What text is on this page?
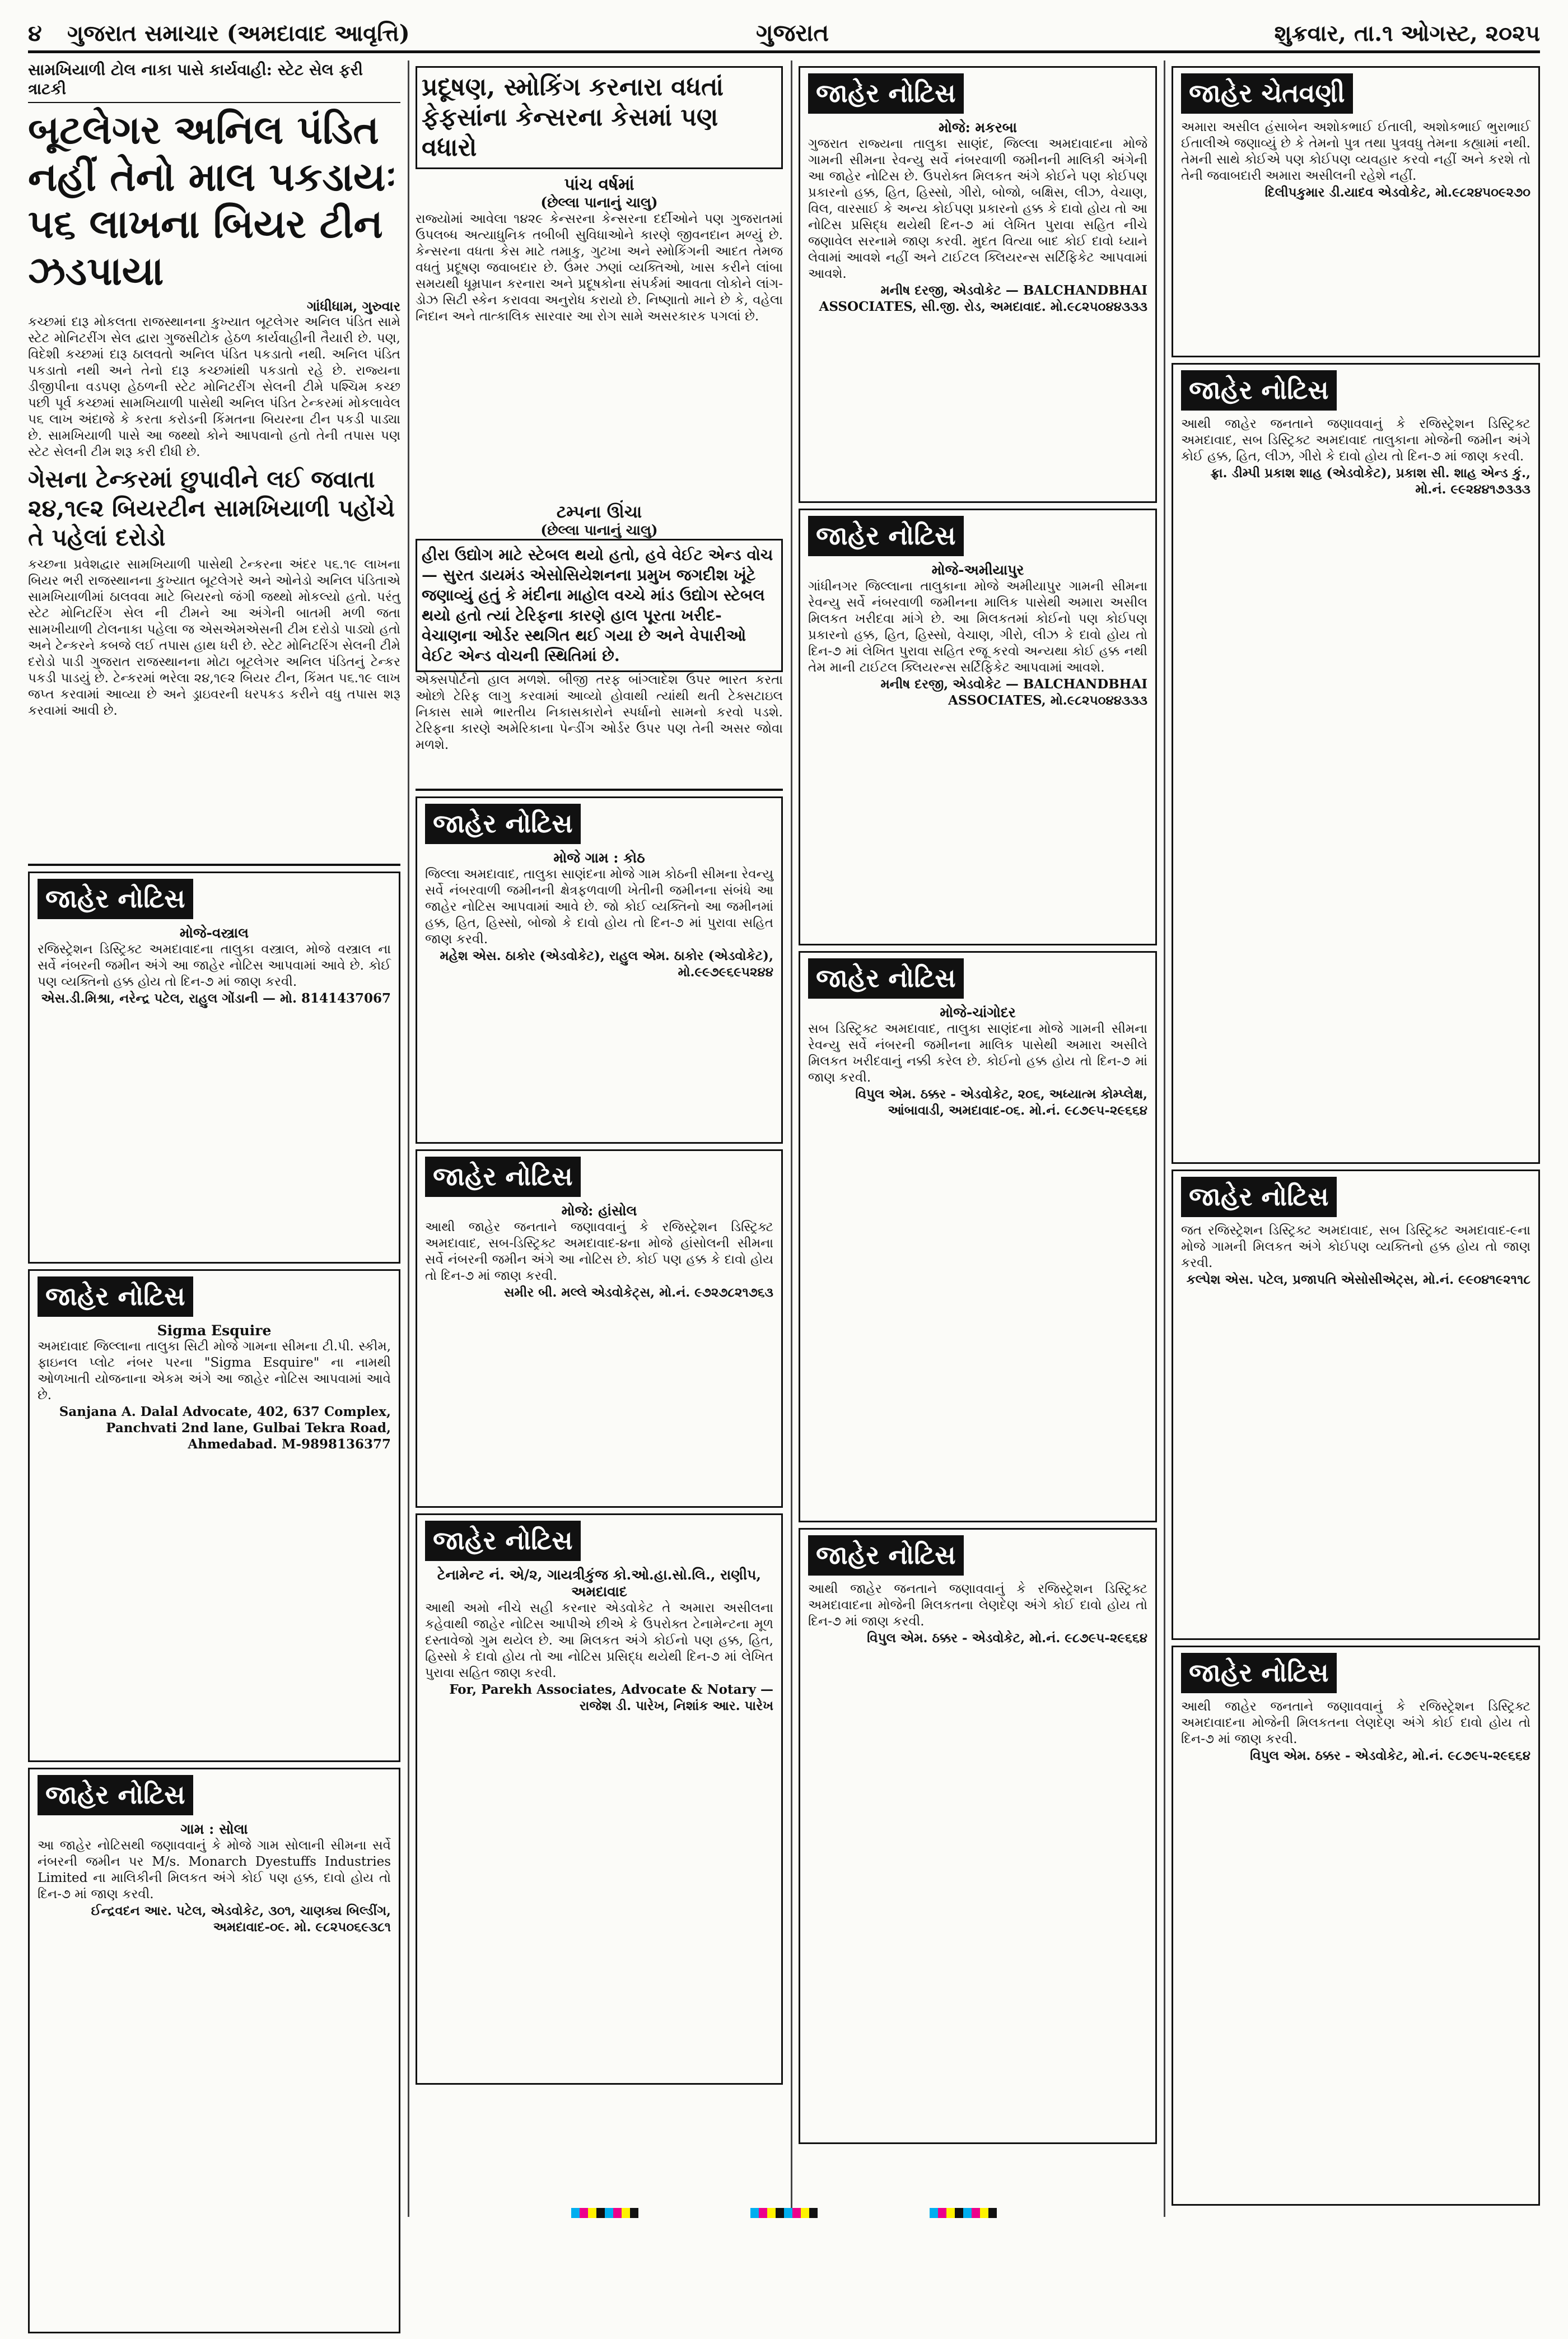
૪	ગુજરાત સમાચાર (અમદાવાદ આવૃત્તિ)	ગુજરાત	શુક્રવાર, તા.૧ ઓગસ્ટ, ૨૦૨૫
સામખિયાળી ટોલ નાકા પાસે કાર્યવાહી: સ્ટેટ સેલ ફરી ત્રાટકી
બૂટલેગર અનિલ પંડિત નહીં તેનો માલ પકડાયઃ ૫૬ લાખના બિયર ટીન ઝડપાયા
ગાંધીધામ, ગુરુવાર
કચ્છમાં દારૂ મોકલતા રાજસ્થાનના કુખ્યાત બૂટલેગર અનિલ પંડિત સામે સ્ટેટ મોનિટરીંગ સેલ દ્વારા ગુજસીટોક હેઠળ કાર્યવાહીની તૈયારી છે. પણ, વિદેશી કચ્છમાં દારૂ ઠાલવતો અનિલ પંડિત પકડાતો નથી. અનિલ પંડિત પકડાતો નથી અને તેનો દારૂ કચ્છમાંથી પકડાતો રહે છે. રાજ્યના ડીજીપીના વડપણ હેઠળની સ્ટેટ મોનિટરીંગ સેલની ટીમે પશ્ચિમ કચ્છ પછી પૂર્વ કચ્છમાં સામખિયાળી પાસેથી અનિલ પંડિત ટેન્કરમાં મોકલાવેલ ૫૬ લાખ અંદાજે કે કરતા કરોડની કિંમતના બિયરના ટીન પકડી પાડ્યા છે. સામખિયાળી પાસે આ જથ્થો કોને આપવાનો હતો તેની તપાસ પણ સ્ટેટ સેલની ટીમ શરૂ કરી દીધી છે.
ગેસના ટેન્કરમાં છુપાવીને લઈ જવાતા ૨૪,૧૯૨ બિયરટીન સામખિયાળી પહોંચે તે પહેલાં દરોડો
કચ્છના પ્રવેશદ્વાર સામખિયાળી પાસેથી ટેન્કરના અંદર ૫૬.૧૯ લાખના બિયર ભરી રાજસ્થાનના કુખ્યાત બૂટલેગરે અને ઓનેડો અનિલ પંડિતાએ સામખિયાળીમાં ઠાલવવા માટે બિયરનો જંગી જથ્થો મોકલ્યો હતો. પરંતુ સ્ટેટ મોનિટરિંગ સેલ ની ટીમને આ અંગેની બાતમી મળી જતા સામખીયાળી ટોલનાકા પહેલા જ એસએમએસની ટીમ દરોડો પાડ્યો હતો અને ટેન્કરને કબજે લઈ તપાસ હાથ ધરી છે. સ્ટેટ મોનિટરિંગ સેલની ટીમે દરોડો પાડી ગુજરાત રાજસ્થાનના મોટા બૂટલેગર અનિલ પંડિતનું ટેન્કર પકડી પાડયું છે. ટેન્કરમાં ભરેલા ૨૪,૧૯૨ બિયર ટીન, કિંમત ૫૬.૧૯ લાખ જપ્ત કરવામાં આવ્યા છે અને ડ્રાઇવરની ધરપકડ કરીને વધુ તપાસ શરૂ કરવામાં આવી છે.
જાહેર નોટિસ
મોજે-વસ્ત્રાલ
રજિસ્ટ્રેશન ડિસ્ટ્રિક્ટ અમદાવાદના તાલુકા વસ્ત્રાલ, મોજે વસ્ત્રાલ ના સર્વે નંબરની જમીન અંગે આ જાહેર નોટિસ આપવામાં આવે છે. કોઈ પણ વ્યક્તિનો હક્ક હોય તો દિન-૭ માં જાણ કરવી.
એસ.ડી.મિશ્રા, નરેન્દ્ર પટેલ, રાહુલ ગોંડાની — મો. 8141437067
જાહેર નોટિસ
Sigma Esquire
અમદાવાદ જિલ્લાના તાલુકા સિટી મોજે ગામના સીમના ટી.પી. સ્કીમ, ફાઇનલ પ્લોટ નંબર પરના "Sigma Esquire" ના નામથી ઓળખાતી યોજનાના એકમ અંગે આ જાહેર નોટિસ આપવામાં આવે છે.
Sanjana A. Dalal Advocate, 402, 637 Complex, Panchvati 2nd lane, Gulbai Tekra Road, Ahmedabad. M-9898136377
જાહેર નોટિસ
ગામ : સોલા
આ જાહેર નોટિસથી જણાવવાનું કે મોજે ગામ સોલાની સીમના સર્વે નંબરની જમીન પર M/s. Monarch Dyestuffs Industries Limited ના માલિકીની મિલકત અંગે કોઈ પણ હક્ક, દાવો હોય તો દિન-૭ માં જાણ કરવી.
ઈન્દ્રવદન આર. પટેલ, એડવોકેટ, ૩૦૧, ચાણક્ય બિલ્ડીંગ, અમદાવાદ-૦૯. મો. ૯૮૨૫૦૬૯૩૮૧
પ્રદૂષણ, સ્મોકિંગ કરનારા વધતાં ફેફસાંના કેન્સરના કેસમાં પણ વધારો
પાંચ વર્ષમાં
(છેલ્લા પાનાનું ચાલુ)
રાજ્યોમાં આવેલા ૧૪૨૯ કેન્સરના કેન્સરના દર્દીઓને પણ ગુજરાતમાં ઉપલબ્ધ અત્યાધુનિક તબીબી સુવિધાઓને કારણે જીવનદાન મળ્યું છે. કેન્સરના વધતા કેસ માટે તમાકુ, ગુટખા અને સ્મોકિંગની આદત તેમજ વધતું પ્રદૂષણ જવાબદાર છે. ઉંમર ઝણાં વ્યક્તિઓ, ખાસ કરીને લાંબા સમયથી ધૂમ્રપાન કરનારા અને પ્રદૂષકોના સંપર્કમાં આવતા લોકોને લાંગ-ડોઝ સિટી સ્કેન કરાવવા અનુરોધ કરાયો છે. નિષ્ણાતો માને છે કે, વહેલા નિદાન અને તાત્કાલિક સારવાર આ રોગ સામે અસરકારક પગલાં છે.
ટમ્પના ઊંચા
(છેલ્લા પાનાનું ચાલુ)
હીરા ઉદ્યોગ માટે સ્ટેબલ થયો હતો, હવે વેઈટ એન્ડ વોચ — સુરત ડાયમંડ એસોસિયેશનના પ્રમુખ જગદીશ ખૂંટે જણાવ્યું હતું કે મંદીના માહોલ વચ્ચે માંડ ઉદ્યોગ સ્ટેબલ થયો હતો ત્યાં ટેરિફના કારણે હાલ પૂરતા ખરીદ-વેચાણના ઓર્ડર સ્થગિત થઈ ગયા છે અને વેપારીઓ વેઈટ એન્ડ વોચની સ્થિતિમાં છે.
એક્સપોર્ટનો હાલ મળશે. બીજી તરફ બાંગ્લાદેશ ઉપર ભારત કરતા ઓછો ટેરિફ લાગુ કરવામાં આવ્યો હોવાથી ત્યાંથી થતી ટેક્સટાઇલ નિકાસ સામે ભારતીય નિકાસકારોને સ્પર્ધાનો સામનો કરવો પડશે. ટેરિફના કારણે અમેરિકાના પેન્ડીંગ ઓર્ડર ઉપર પણ તેની અસર જોવા મળશે.
જાહેર નોટિસ
મોજે ગામ : કોઠ
જિલ્લા અમદાવાદ, તાલુકા સાણંદના મોજે ગામ કોઠની સીમના રેવન્યુ સર્વે નંબરવાળી જમીનની ક્ષેત્રફળવાળી ખેતીની જમીનના સંબંધે આ જાહેર નોટિસ આપવામાં આવે છે. જો કોઈ વ્યક્તિનો આ જમીનમાં હક્ક, હિત, હિસ્સો, બોજો કે દાવો હોય તો દિન-૭ માં પુરાવા સહિત જાણ કરવી.
મહેશ એસ. ઠાકોર (એડવોકેટ), રાહુલ એમ. ઠાકોર (એડવોકેટ), મો.૯૯૭૯૬૯૫૨૪૪
જાહેર નોટિસ
મોજે: હાંસોલ
આથી જાહેર જનતાને જણાવવાનું કે રજિસ્ટ્રેશન ડિસ્ટ્રિક્ટ અમદાવાદ, સબ-ડિસ્ટ્રિક્ટ અમદાવાદ-૪ના મોજે હાંસોલની સીમના સર્વે નંબરની જમીન અંગે આ નોટિસ છે. કોઈ પણ હક્ક કે દાવો હોય તો દિન-૭ માં જાણ કરવી.
સમીર બી. મલ્લે એડવોકેટ્સ, મો.નં. ૯૭૨૭૮૨૧૭૬૩
જાહેર નોટિસ
ટેનામેન્ટ નં. એ/૨, ગાયત્રીકુંજ કો.ઓ.હા.સો.લિ., રાણીપ, અમદાવાદ
આથી અમો નીચે સહી કરનાર એડવોકેટ તે અમારા અસીલના કહેવાથી જાહેર નોટિસ આપીએ છીએ કે ઉપરોક્ત ટેનામેન્ટના મૂળ દસ્તાવેજો ગુમ થયેલ છે. આ મિલકત અંગે કોઈનો પણ હક્ક, હિત, હિસ્સો કે દાવો હોય તો આ નોટિસ પ્રસિદ્ધ થયેથી દિન-૭ માં લેખિત પુરાવા સહિત જાણ કરવી.
For, Parekh Associates, Advocate & Notary — રાજેશ ડી. પારેખ, નિશાંક આર. પારેખ
જાહેર નોટિસ
મોજે: મકરબા
ગુજરાત રાજ્યના તાલુકા સાણંદ, જિલ્લા અમદાવાદના મોજે ગામની સીમના રેવન્યુ સર્વે નંબરવાળી જમીનની માલિકી અંગેની આ જાહેર નોટિસ છે. ઉપરોક્ત મિલકત અંગે કોઈને પણ કોઈપણ પ્રકારનો હક્ક, હિત, હિસ્સો, ગીરો, બોજો, બક્ષિસ, લીઝ, વેચાણ, વિલ, વારસાઈ કે અન્ય કોઈપણ પ્રકારનો હક્ક કે દાવો હોય તો આ નોટિસ પ્રસિદ્ધ થયેથી દિન-૭ માં લેખિત પુરાવા સહિત નીચે જણાવેલ સરનામે જાણ કરવી. મુદત વિત્યા બાદ કોઈ દાવો ધ્યાને લેવામાં આવશે નહીં અને ટાઈટલ ક્લિયરન્સ સર્ટિફિકેટ આપવામાં આવશે.
મનીષ દરજી, એડવોકેટ — BALCHANDBHAI ASSOCIATES, સી.જી. રોડ, અમદાવાદ. મો.૯૮૨૫૦૪૪૩૩૩
જાહેર નોટિસ
મોજે-અમીયાપુર
ગાંધીનગર જિલ્લાના તાલુકાના મોજે અમીયાપુર ગામની સીમના રેવન્યુ સર્વે નંબરવાળી જમીનના માલિક પાસેથી અમારા અસીલ મિલકત ખરીદવા માંગે છે. આ મિલકતમાં કોઈનો પણ કોઈપણ પ્રકારનો હક્ક, હિત, હિસ્સો, વેચાણ, ગીરો, લીઝ કે દાવો હોય તો દિન-૭ માં લેખિત પુરાવા સહિત રજૂ કરવો અન્યથા કોઈ હક્ક નથી તેમ માની ટાઈટલ ક્લિયરન્સ સર્ટિફિકેટ આપવામાં આવશે.
મનીષ દરજી, એડવોકેટ — BALCHANDBHAI ASSOCIATES, મો.૯૮૨૫૦૪૪૩૩૩
જાહેર નોટિસ
મોજે-ચાંગોદર
સબ ડિસ્ટ્રિક્ટ અમદાવાદ, તાલુકા સાણંદના મોજે ગામની સીમના રેવન્યુ સર્વે નંબરની જમીનના માલિક પાસેથી અમારા અસીલે મિલકત ખરીદવાનું નક્કી કરેલ છે. કોઈનો હક્ક હોય તો દિન-૭ માં જાણ કરવી.
વિપુલ એમ. ઠક્કર - એડવોકેટ, ૨૦૬, અધ્યાત્મ કોમ્પ્લેક્ષ, આંબાવાડી, અમદાવાદ-૦૬. મો.નં. ૯૮૭૯૫-૨૯૬૬૪
જાહેર નોટિસ
આથી જાહેર જનતાને જણાવવાનું કે રજિસ્ટ્રેશન ડિસ્ટ્રિક્ટ અમદાવાદના મોજેની મિલકતના લેણદેણ અંગે કોઈ દાવો હોય તો દિન-૭ માં જાણ કરવી.
વિપુલ એમ. ઠક્કર - એડવોકેટ, મો.નં. ૯૮૭૯૫-૨૯૬૬૪
જાહેર ચેતવણી
અમારા અસીલ હંસાબેન અશોકભાઈ ઈતાલી, અશોકભાઈ ભુરાભાઈ ઈતાલીએ જણાવ્યું છે કે તેમનો પુત્ર તથા પુત્રવધુ તેમના કહ્યામાં નથી. તેમની સાથે કોઈએ પણ કોઈપણ વ્યવહાર કરવો નહીં અને કરશે તો તેની જવાબદારી અમારા અસીલની રહેશે નહીં.
દિલીપકુમાર ડી.યાદવ એડવોકેટ, મો.૯૮૨૪૫૦૯૨૭૦
જાહેર નોટિસ
આથી જાહેર જનતાને જણાવવાનું કે રજિસ્ટ્રેશન ડિસ્ટ્રિક્ટ અમદાવાદ, સબ ડિસ્ટ્રિક્ટ અમદાવાદ તાલુકાના મોજેની જમીન અંગે કોઈ હક્ક, હિત, લીઝ, ગીરો કે દાવો હોય તો દિન-૭ માં જાણ કરવી.
ફ્રા. ડીમ્પી પ્રકાશ શાહ (એડવોકેટ), પ્રકાશ સી. શાહ એન્ડ કું., મો.નં. ૯૯૨૪૪૧૭૩૩૩
જાહેર નોટિસ
જત રજિસ્ટ્રેશન ડિસ્ટ્રિક્ટ અમદાવાદ, સબ ડિસ્ટ્રિક્ટ અમદાવાદ-૯ના મોજે ગામની મિલકત અંગે કોઈપણ વ્યક્તિનો હક્ક હોય તો જાણ કરવી.
કલ્પેશ એસ. પટેલ, પ્રજાપતિ એસોસીએટ્સ, મો.નં. ૯૯૦૪૧૯૨૧૧૮
જાહેર નોટિસ
આથી જાહેર જનતાને જણાવવાનું કે રજિસ્ટ્રેશન ડિસ્ટ્રિક્ટ અમદાવાદના મોજેની મિલકતના લેણદેણ અંગે કોઈ દાવો હોય તો દિન-૭ માં જાણ કરવી.
વિપુલ એમ. ઠક્કર - એડવોકેટ, મો.નં. ૯૮૭૯૫-૨૯૬૬૪
